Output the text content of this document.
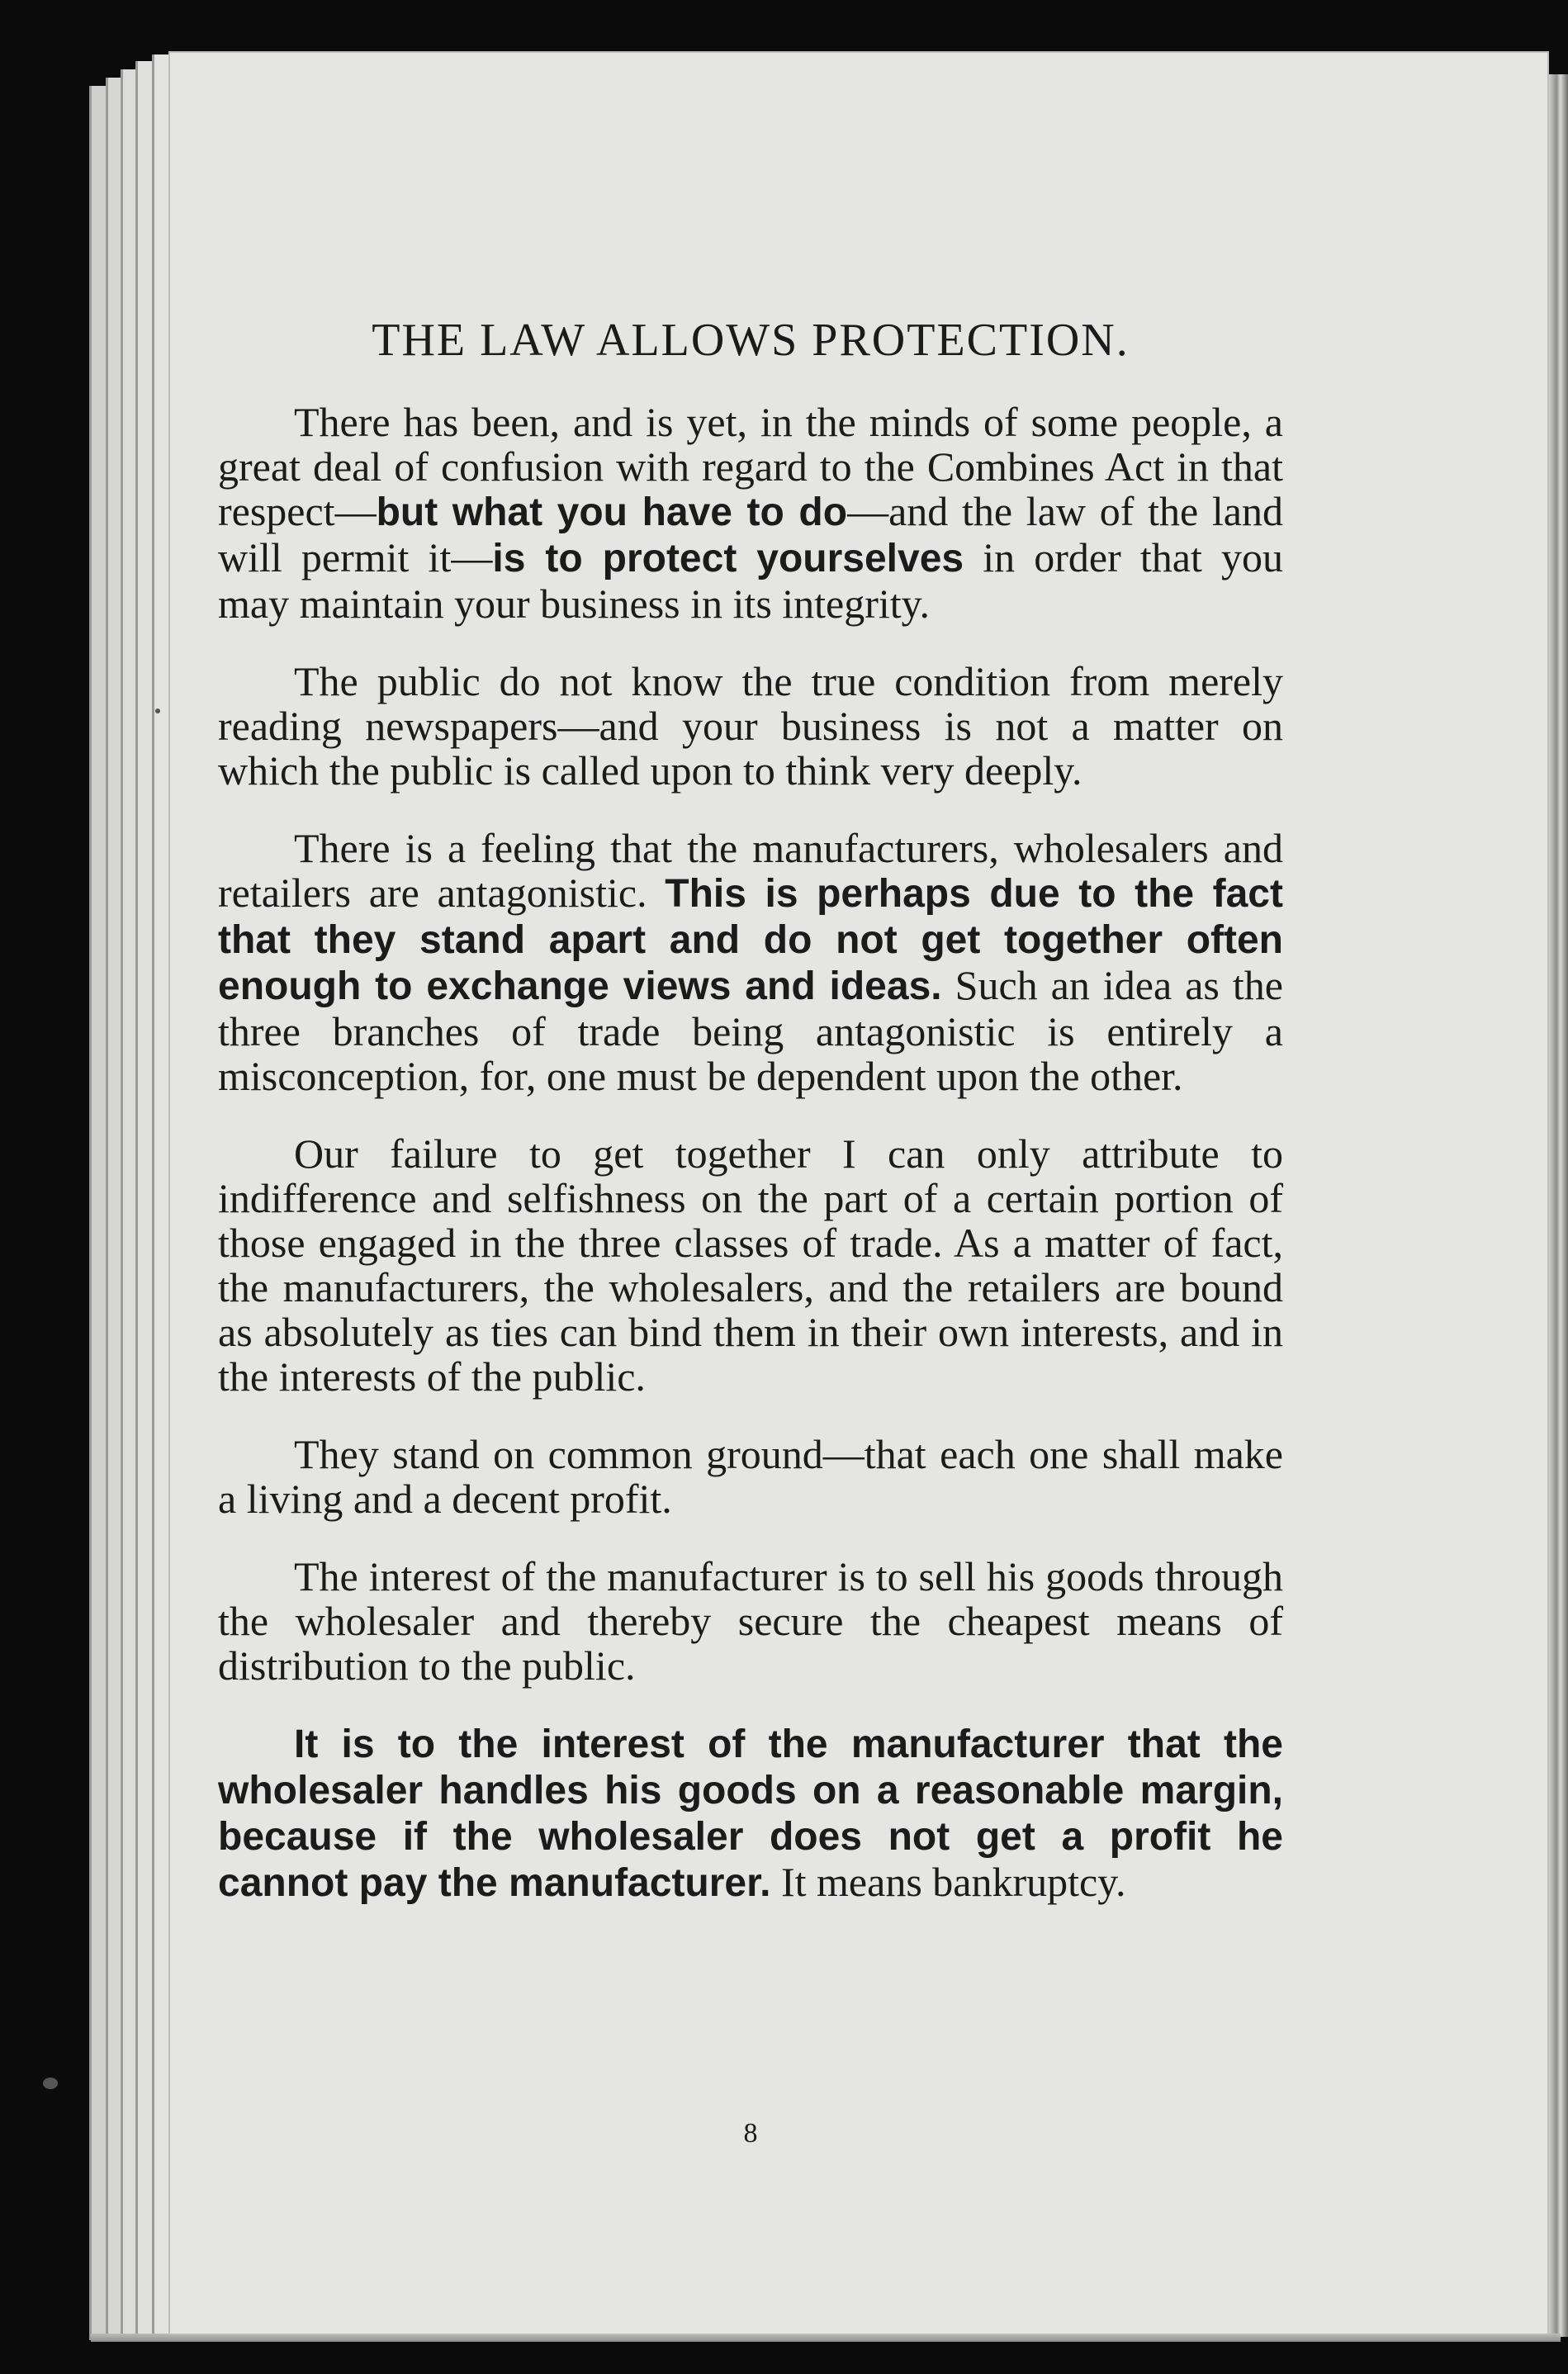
THE LAW ALLOWS PROTECTION.

There has been, and is yet, in the minds of some people, a great deal of confusion with regard to the Combines Act in that respect—but what you have to do—and the law of the land will permit it—is to protect yourselves in order that you may maintain your business in its integrity.

The public do not know the true condition from merely reading newspapers—and your business is not a matter on which the public is called upon to think very deeply.

There is a feeling that the manufacturers, wholesalers and retailers are antagonistic. This is perhaps due to the fact that they stand apart and do not get together often enough to exchange views and ideas. Such an idea as the three branches of trade being antagonistic is entirely a misconception, for, one must be dependent upon the other.

Our failure to get together I can only attribute to indifference and selfishness on the part of a certain portion of those engaged in the three classes of trade. As a matter of fact, the manufacturers, the wholesalers, and the retailers are bound as absolutely as ties can bind them in their own interests, and in the interests of the public.

They stand on common ground—that each one shall make a living and a decent profit.

The interest of the manufacturer is to sell his goods through the wholesaler and thereby secure the cheapest means of distribution to the public.

It is to the interest of the manufacturer that the wholesaler handles his goods on a reasonable margin, because if the wholesaler does not get a profit he cannot pay the manufacturer. It means bankruptcy.

8
